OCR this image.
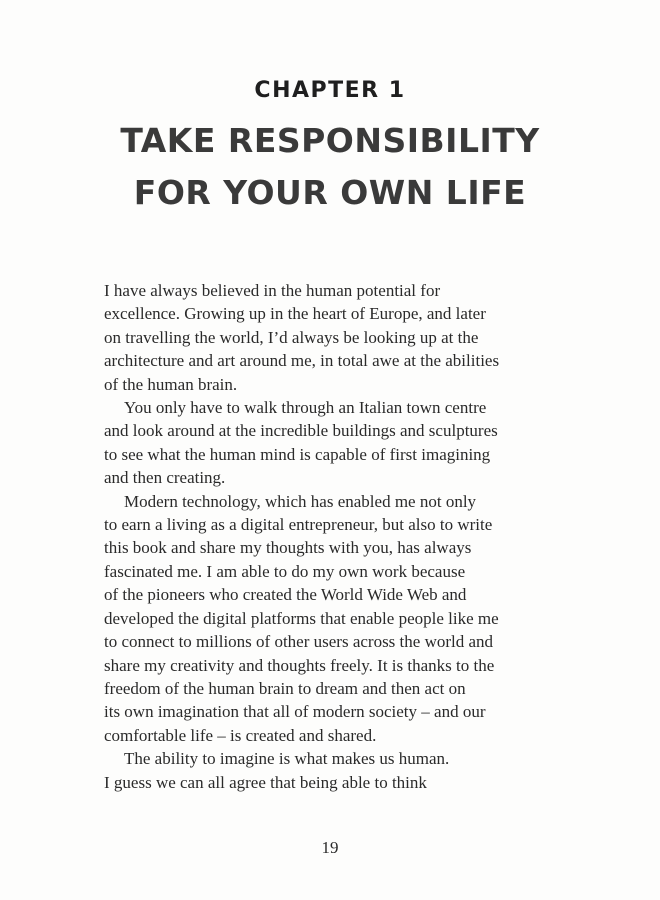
CHAPTER 1
TAKE RESPONSIBILITY
FOR YOUR OWN LIFE
I have always believed in the human potential for
excellence. Growing up in the heart of Europe, and later
on travelling the world, I’d always be looking up at the
architecture and art around me, in total awe at the abilities
of the human brain.
You only have to walk through an Italian town centre
and look around at the incredible buildings and sculptures
to see what the human mind is capable of first imagining
and then creating.
Modern technology, which has enabled me not only
to earn a living as a digital entrepreneur, but also to write
this book and share my thoughts with you, has always
fascinated me. I am able to do my own work because
of the pioneers who created the World Wide Web and
developed the digital platforms that enable people like me
to connect to millions of other users across the world and
share my creativity and thoughts freely. It is thanks to the
freedom of the human brain to dream and then act on
its own imagination that all of modern society – and our
comfortable life – is created and shared.
The ability to imagine is what makes us human.
I guess we can all agree that being able to think
19
